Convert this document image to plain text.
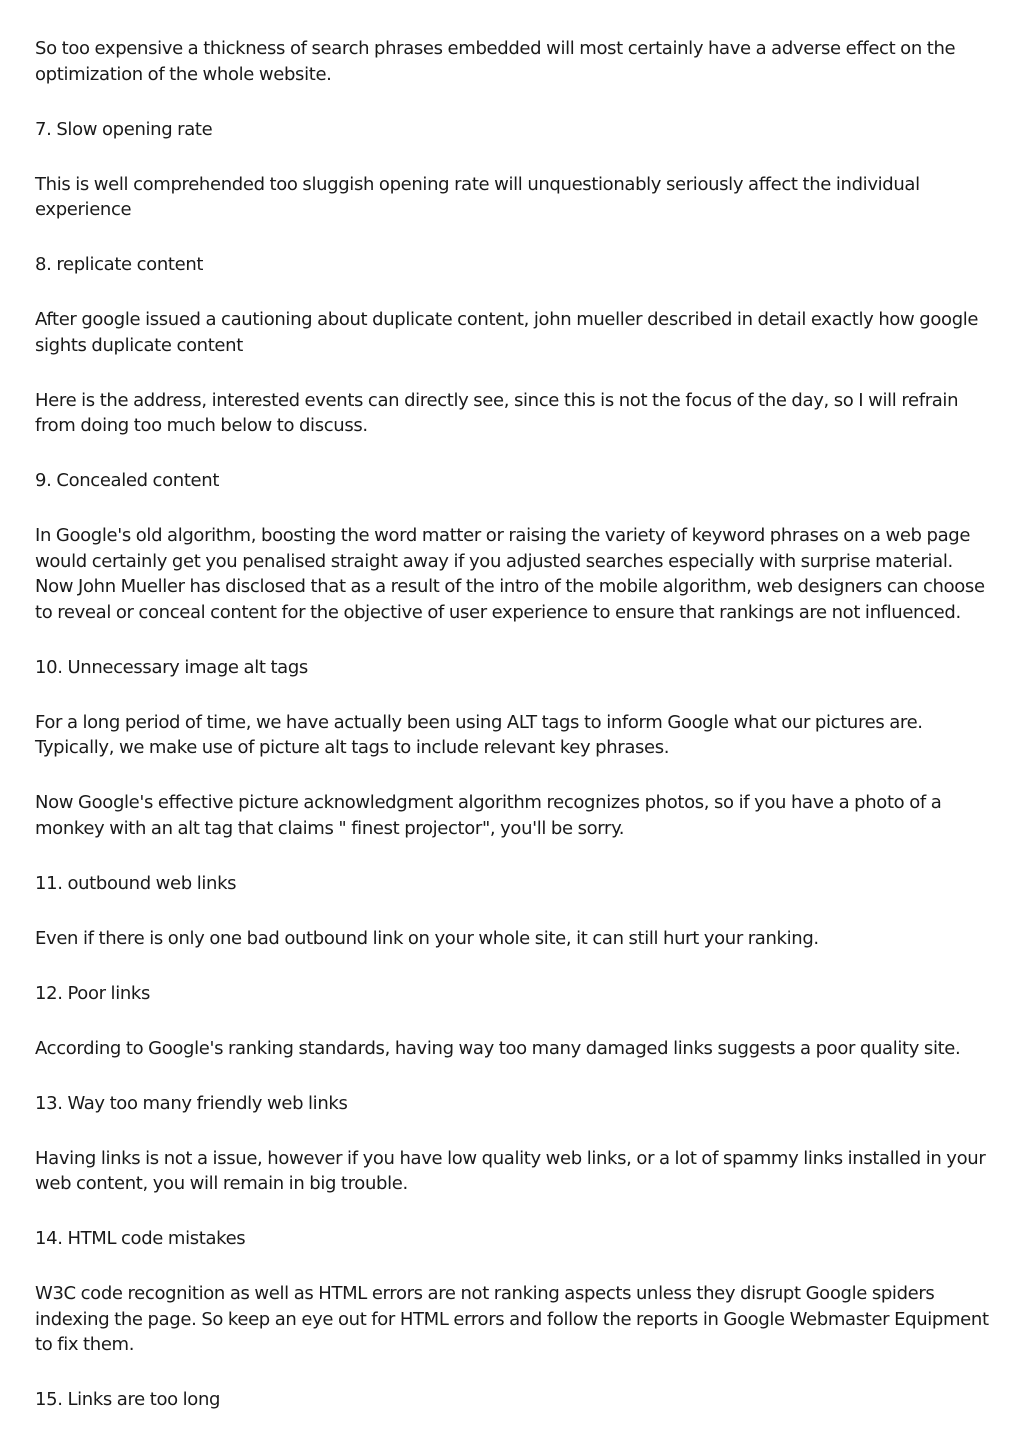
So too expensive a thickness of search phrases embedded will most certainly have a adverse effect on the optimization of the whole website.

7. Slow opening rate

This is well comprehended too sluggish opening rate will unquestionably seriously affect the individual experience

8. replicate content

After google issued a cautioning about duplicate content, john mueller described in detail exactly how google sights duplicate content

Here is the address, interested events can directly see, since this is not the focus of the day, so I will refrain from doing too much below to discuss.

9. Concealed content

In Google's old algorithm, boosting the word matter or raising the variety of keyword phrases on a web page would certainly get you penalised straight away if you adjusted searches especially with surprise material. Now John Mueller has disclosed that as a result of the intro of the mobile algorithm, web designers can choose to reveal or conceal content for the objective of user experience to ensure that rankings are not influenced.

10. Unnecessary image alt tags

For a long period of time, we have actually been using ALT tags to inform Google what our pictures are. Typically, we make use of picture alt tags to include relevant key phrases.

Now Google's effective picture acknowledgment algorithm recognizes photos, so if you have a photo of a monkey with an alt tag that claims " finest projector", you'll be sorry.

11. outbound web links

Even if there is only one bad outbound link on your whole site, it can still hurt your ranking.

12. Poor links

According to Google's ranking standards, having way too many damaged links suggests a poor quality site.

13. Way too many friendly web links

Having links is not a issue, however if you have low quality web links, or a lot of spammy links installed in your web content, you will remain in big trouble.

14. HTML code mistakes

W3C code recognition as well as HTML errors are not ranking aspects unless they disrupt Google spiders indexing the page. So keep an eye out for HTML errors and follow the reports in Google Webmaster Equipment to fix them.

15. Links are too long
